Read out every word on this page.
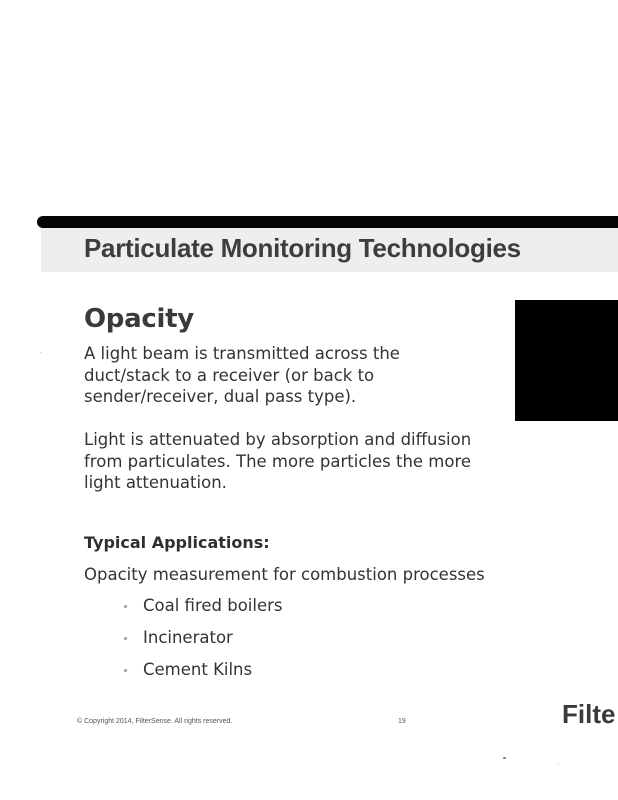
Particulate Monitoring Technologies
Opacity
A light beam is transmitted across the duct/stack to a receiver (or back to sender/receiver, dual pass type).
Light is attenuated by absorption and diffusion from particulates. The more particles the more light attenuation.
Typical Applications:
Opacity measurement for combustion processes
Coal fired boilers
Incinerator
Cement Kilns
© Copyright 2014, FilterSense. All rights reserved.	19	Filte
